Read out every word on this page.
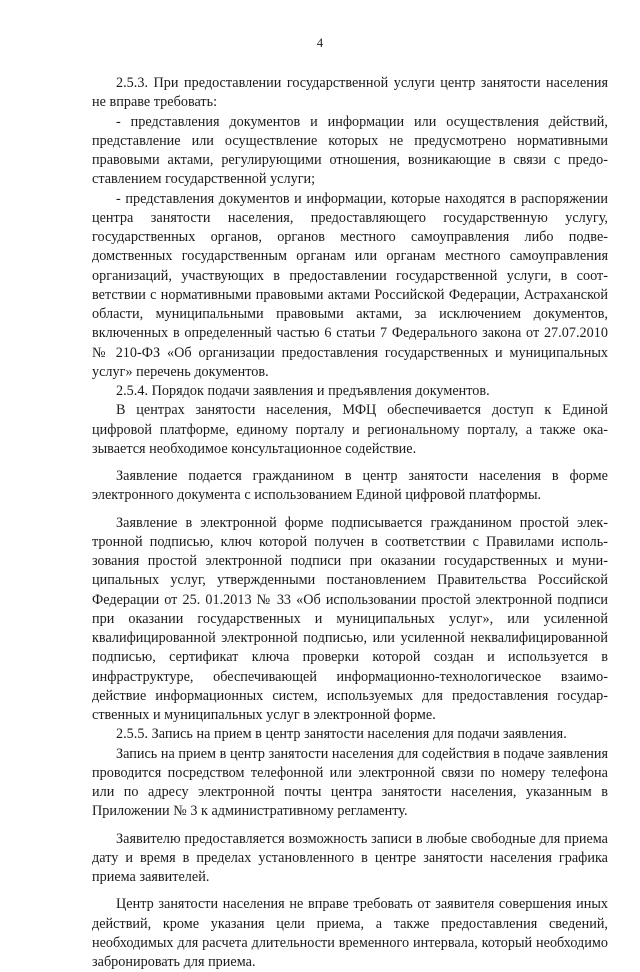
4

2.5.3. При предоставлении государственной услуги центр занятости населения не вправе требовать:

- представления документов и информации или осуществления действий, представление или осуществление которых не предусмотрено нормативными правовыми актами, регулирующими отношения, возникающие в связи с предоставлением государственной услуги;

- представления документов и информации, которые находятся в распоряжении центра занятости населения, предоставляющего государственную услугу, государственных органов, органов местного самоуправления либо подведомственных государственным органам или органам местного самоуправления организаций, участвующих в предоставлении государственной услуги, в соответствии с нормативными правовыми актами Российской Федерации, Астраханской области, муниципальными правовыми актами, за исключением документов, включенных в определенный частью 6 статьи 7 Федерального закона от 27.07.2010 № 210-ФЗ «Об организации предоставления государственных и муниципальных услуг» перечень документов.

2.5.4. Порядок подачи заявления и предъявления документов.

В центрах занятости населения, МФЦ обеспечивается доступ к Единой цифровой платформе, единому порталу и региональному порталу, а также оказывается необходимое консультационное содействие.

Заявление подается гражданином в центр занятости населения в форме электронного документа с использованием Единой цифровой платформы.

Заявление в электронной форме подписывается гражданином простой электронной подписью, ключ которой получен в соответствии с Правилами использования простой электронной подписи при оказании государственных и муниципальных услуг, утвержденными постановлением Правительства Российской Федерации от 25. 01.2013 № 33 «Об использовании простой электронной подписи при оказании государственных и муниципальных услуг», или усиленной квалифицированной электронной подписью, или усиленной неквалифицированной подписью, сертификат ключа проверки которой создан и используется в инфраструктуре, обеспечивающей информационно-технологическое взаимодействие информационных систем, используемых для предоставления государственных и муниципальных услуг в электронной форме.

2.5.5. Запись на прием в центр занятости населения для подачи заявления.

Запись на прием в центр занятости населения для содействия в подаче заявления проводится посредством телефонной или электронной связи по номеру телефона или по адресу электронной почты центра занятости населения, указанным в Приложении № 3 к административному регламенту.

Заявителю предоставляется возможность записи в любые свободные для приема дату и время в пределах установленного в центре занятости населения графика приема заявителей.

Центр занятости населения не вправе требовать от заявителя совершения иных действий, кроме указания цели приема, а также предоставления сведений, необходимых для расчета длительности временного интервала, который необходимо забронировать для приема.
